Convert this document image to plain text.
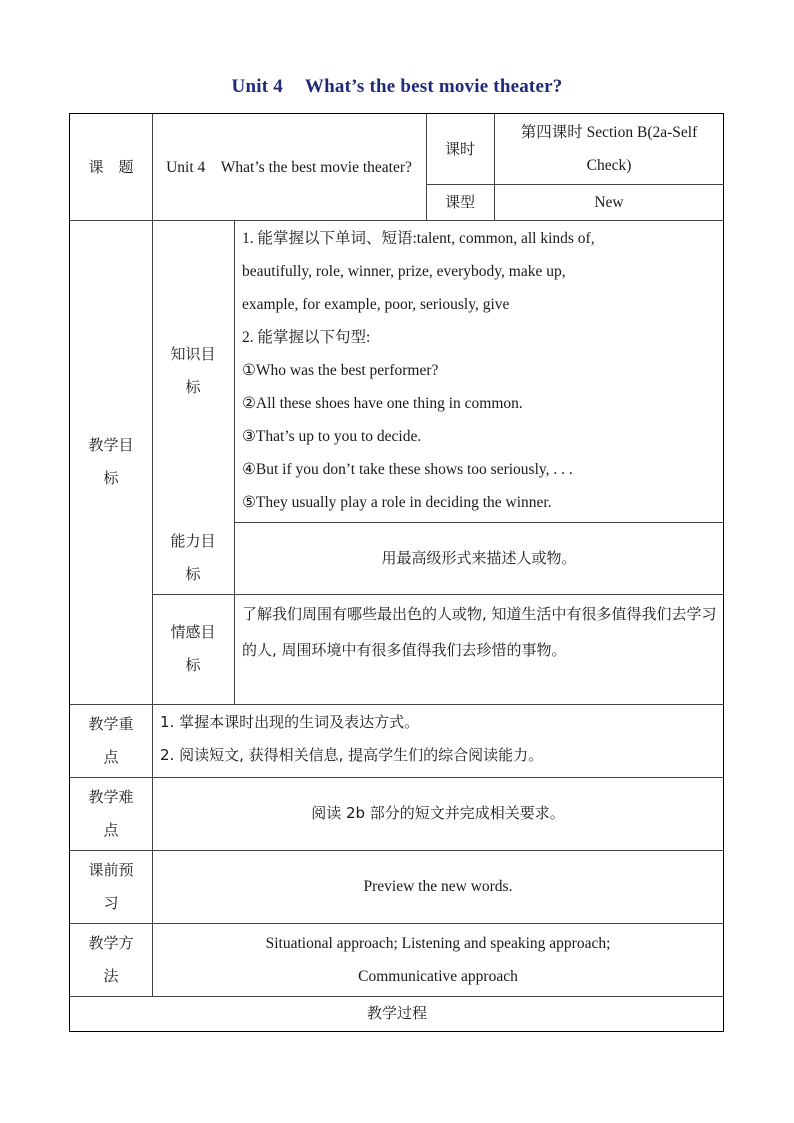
Unit 4 What’s the best movie theater?
课　题 Unit 4　What’s the best movie theater?
课时
第四课时 Section B(2a-Self Check)
课型	New
教学目标
知识目标
1. 能掌握以下单词、短语:talent, common, all kinds of,
beautifully, role, winner, prize, everybody, make up,
example, for example, poor, seriously, give
2. 能掌握以下句型:
①Who was the best performer?
②All these shoes have one thing in common.
③That’s up to you to decide.
④But if you don’t take these shows too seriously, . . .
⑤They usually play a role in deciding the winner.
能力目标
用最高级形式来描述人或物。
情感目标
了解我们周围有哪些最出色的人或物, 知道生活中有很多值得我们去学习的人, 周围环境中有很多值得我们去珍惜的事物。
教学重点
1. 掌握本课时出现的生词及表达方式。
2. 阅读短文, 获得相关信息, 提高学生们的综合阅读能力。
教学难点
阅读 2b 部分的短文并完成相关要求。
课前预习
Preview the new words.
教学方法
Situational approach; Listening and speaking approach;
Communicative approach
教学过程
